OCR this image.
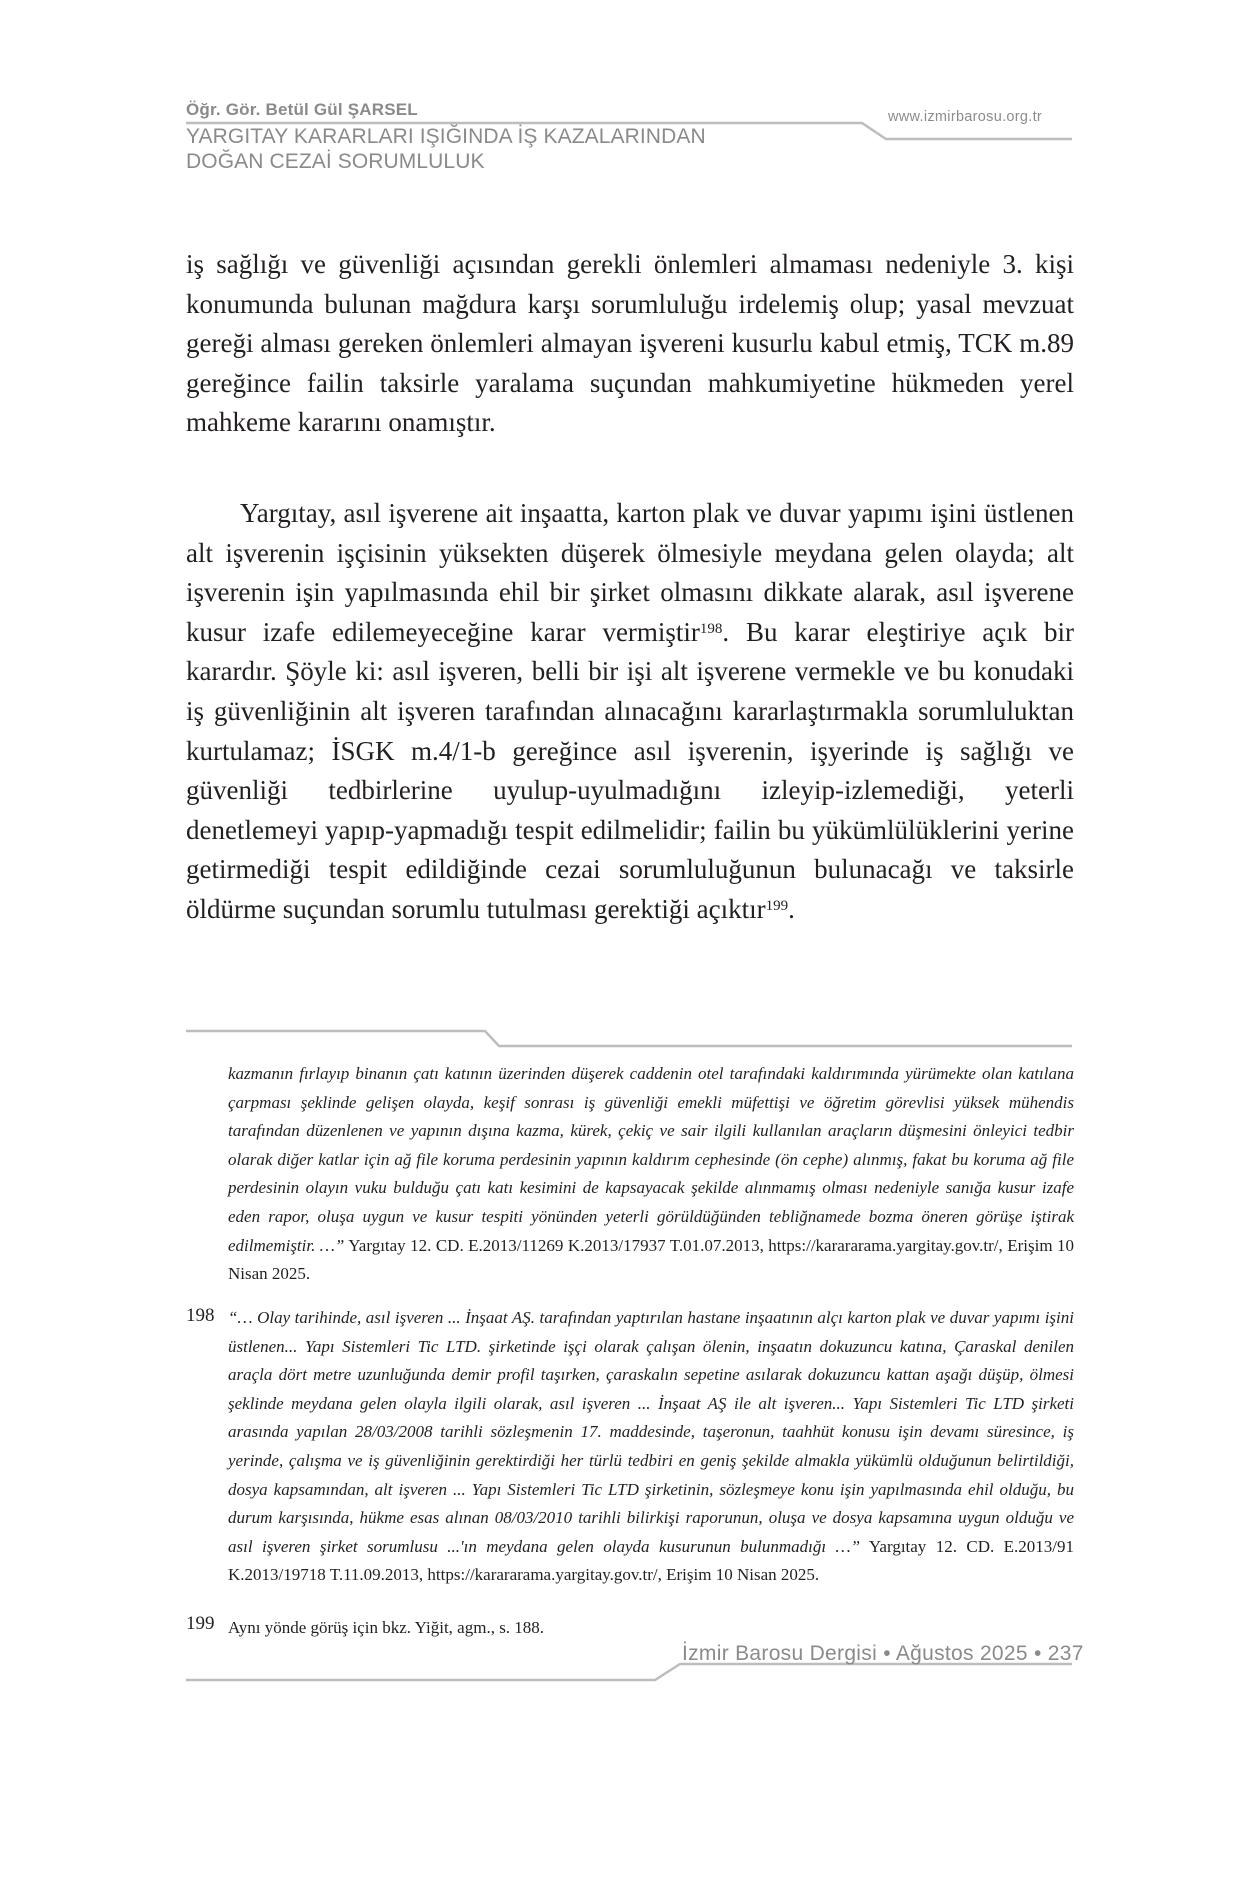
Öğr. Gör. Betül Gül ŞARSEL
YARGITAY KARARLARI IŞIĞINDA İŞ KAZALARINDAN
DOĞAN CEZAİ SORUMLULUK
www.izmirbarosu.org.tr

iş sağlığı ve güvenliği açısından gerekli önlemleri almaması nedeniyle 3. kişi konumunda bulunan mağdura karşı sorumluluğu irdelemiş olup; yasal mevzuat gereği alması gereken önlemleri almayan işvereni kusurlu kabul etmiş, TCK m.89 gereğince failin taksirle yaralama suçundan mahkumiyetine hükmeden yerel mahkeme kararını onamıştır.

Yargıtay, asıl işverene ait inşaatta, karton plak ve duvar yapımı işini üstlenen alt işverenin işçisinin yüksekten düşerek ölmesiyle meydana gelen olayda; alt işverenin işin yapılmasında ehil bir şirket olmasını dikkate alarak, asıl işverene kusur izafe edilemeyeceğine karar vermiştir$^{198}$. Bu karar eleştiriye açık bir karardır. Şöyle ki: asıl işveren, belli bir işi alt işverene vermekle ve bu konudaki iş güvenliğinin alt işveren tarafından alınacağını kararlaştırmakla sorumluluktan kurtulamaz; İSGK m.4/1-b gereğince asıl işverenin, işyerinde iş sağlığı ve güvenliği tedbirlerine uyulup-uyulmadığını izleyip-izlemediği, yeterli denetlemeyi yapıp-yapmadığı tespit edilmelidir; failin bu yükümlülüklerini yerine getirmediği tespit edildiğinde cezai sorumluluğunun bulunacağı ve taksirle öldürme suçundan sorumlu tutulması gerektiği açıktır$^{199}$.

kazmanın fırlayıp binanın çatı katının üzerinden düşerek caddenin otel tarafındaki kaldırımında yürümekte olan katılana çarpması şeklinde gelişen olayda, keşif sonrası iş güvenliği emekli müfettişi ve öğretim görevlisi yüksek mühendis tarafından düzenlenen ve yapının dışına kazma, kürek, çekiç ve sair ilgili kullanılan araçların düşmesini önleyici tedbir olarak diğer katlar için ağ file koruma perdesinin yapının kaldırım cephesinde (ön cephe) alınmış, fakat bu koruma ağ file perdesinin olayın vuku bulduğu çatı katı kesimini de kapsayacak şekilde alınmamış olması nedeniyle sanığa kusur izafe eden rapor, oluşa uygun ve kusur tespiti yönünden yeterli görüldüğünden tebliğnamede bozma öneren görüşe iştirak edilmemiştir. …” Yargıtay 12. CD. E.2013/11269 K.2013/17937 T.01.07.2013, https://karararama.yargitay.gov.tr/, Erişim 10 Nisan 2025.
198 “… Olay tarihinde, asıl işveren ... İnşaat AŞ. tarafından yaptırılan hastane inşaatının alçı karton plak ve duvar yapımı işini üstlenen... Yapı Sistemleri Tic LTD. şirketinde işçi olarak çalışan ölenin, inşaatın dokuzuncu katına, Çaraskal denilen araçla dört metre uzunluğunda demir profil taşırken, çaraskalın sepetine asılarak dokuzuncu kattan aşağı düşüp, ölmesi şeklinde meydana gelen olayla ilgili olarak, asıl işveren ... İnşaat AŞ ile alt işveren... Yapı Sistemleri Tic LTD şirketi arasında yapılan 28/03/2008 tarihli sözleşmenin 17. maddesinde, taşeronun, taahhüt konusu işin devamı süresince, iş yerinde, çalışma ve iş güvenliğinin gerektirdiği her türlü tedbiri en geniş şekilde almakla yükümlü olduğunun belirtildiği, dosya kapsamından, alt işveren ... Yapı Sistemleri Tic LTD şirketinin, sözleşmeye konu işin yapılmasında ehil olduğu, bu durum karşısında, hükme esas alınan 08/03/2010 tarihli bilirkişi raporunun, oluşa ve dosya kapsamına uygun olduğu ve asıl işveren şirket sorumlusu ...'ın meydana gelen olayda kusurunun bulunmadığı …” Yargıtay 12. CD. E.2013/91 K.2013/19718 T.11.09.2013, https://karararama.yargitay.gov.tr/, Erişim 10 Nisan 2025.
199 Aynı yönde görüş için bkz. Yiğit, agm., s. 188.
İzmir Barosu Dergisi • Ağustos 2025 • 237
